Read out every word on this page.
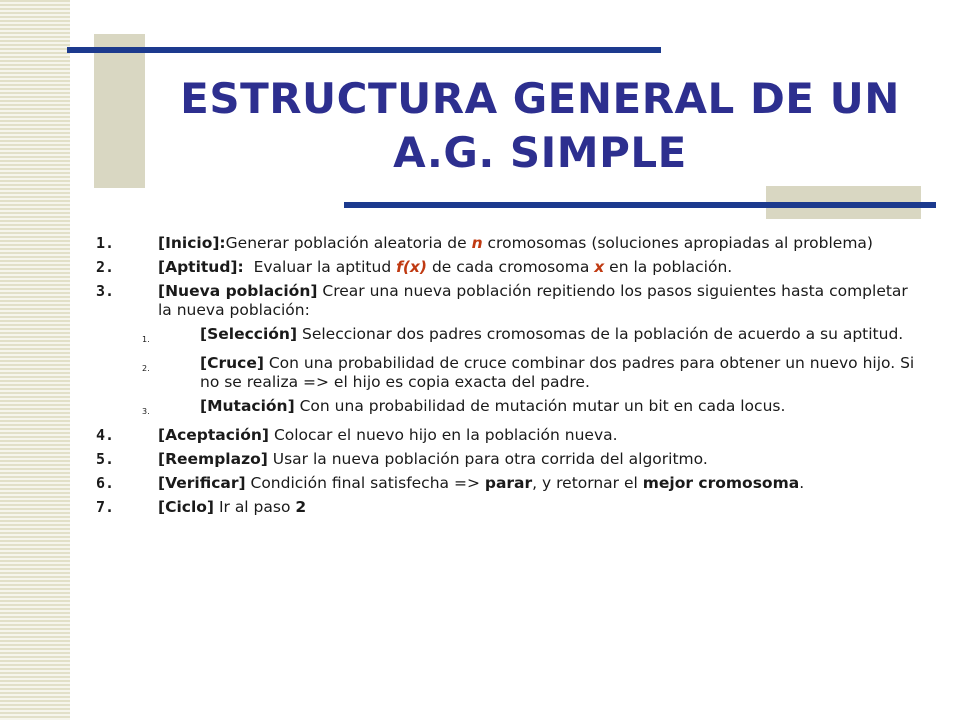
ESTRUCTURA GENERAL DE UN
A.G. SIMPLE
1.	[Inicio]:Generar población aleatoria de n cromosomas (soluciones apropiadas al problema)
2.	[Aptitud]:  Evaluar la aptitud f(x) de cada cromosoma x en la población.
3.	[Nueva población] Crear una nueva población repitiendo los pasos siguientes hasta completar la nueva población:
1.	[Selección] Seleccionar dos padres cromosomas de la población de acuerdo a su aptitud.
2.	[Cruce] Con una probabilidad de cruce combinar dos padres para obtener un nuevo hijo. Si no se realiza => el hijo es copia exacta del padre.
3.	[Mutación] Con una probabilidad de mutación mutar un bit en cada locus.
4.	[Aceptación] Colocar el nuevo hijo en la población nueva.
5.	[Reemplazo] Usar la nueva población para otra corrida del algoritmo.
6.	[Verificar] Condición final satisfecha => parar, y retornar el mejor cromosoma.
7.	[Ciclo] Ir al paso 2
